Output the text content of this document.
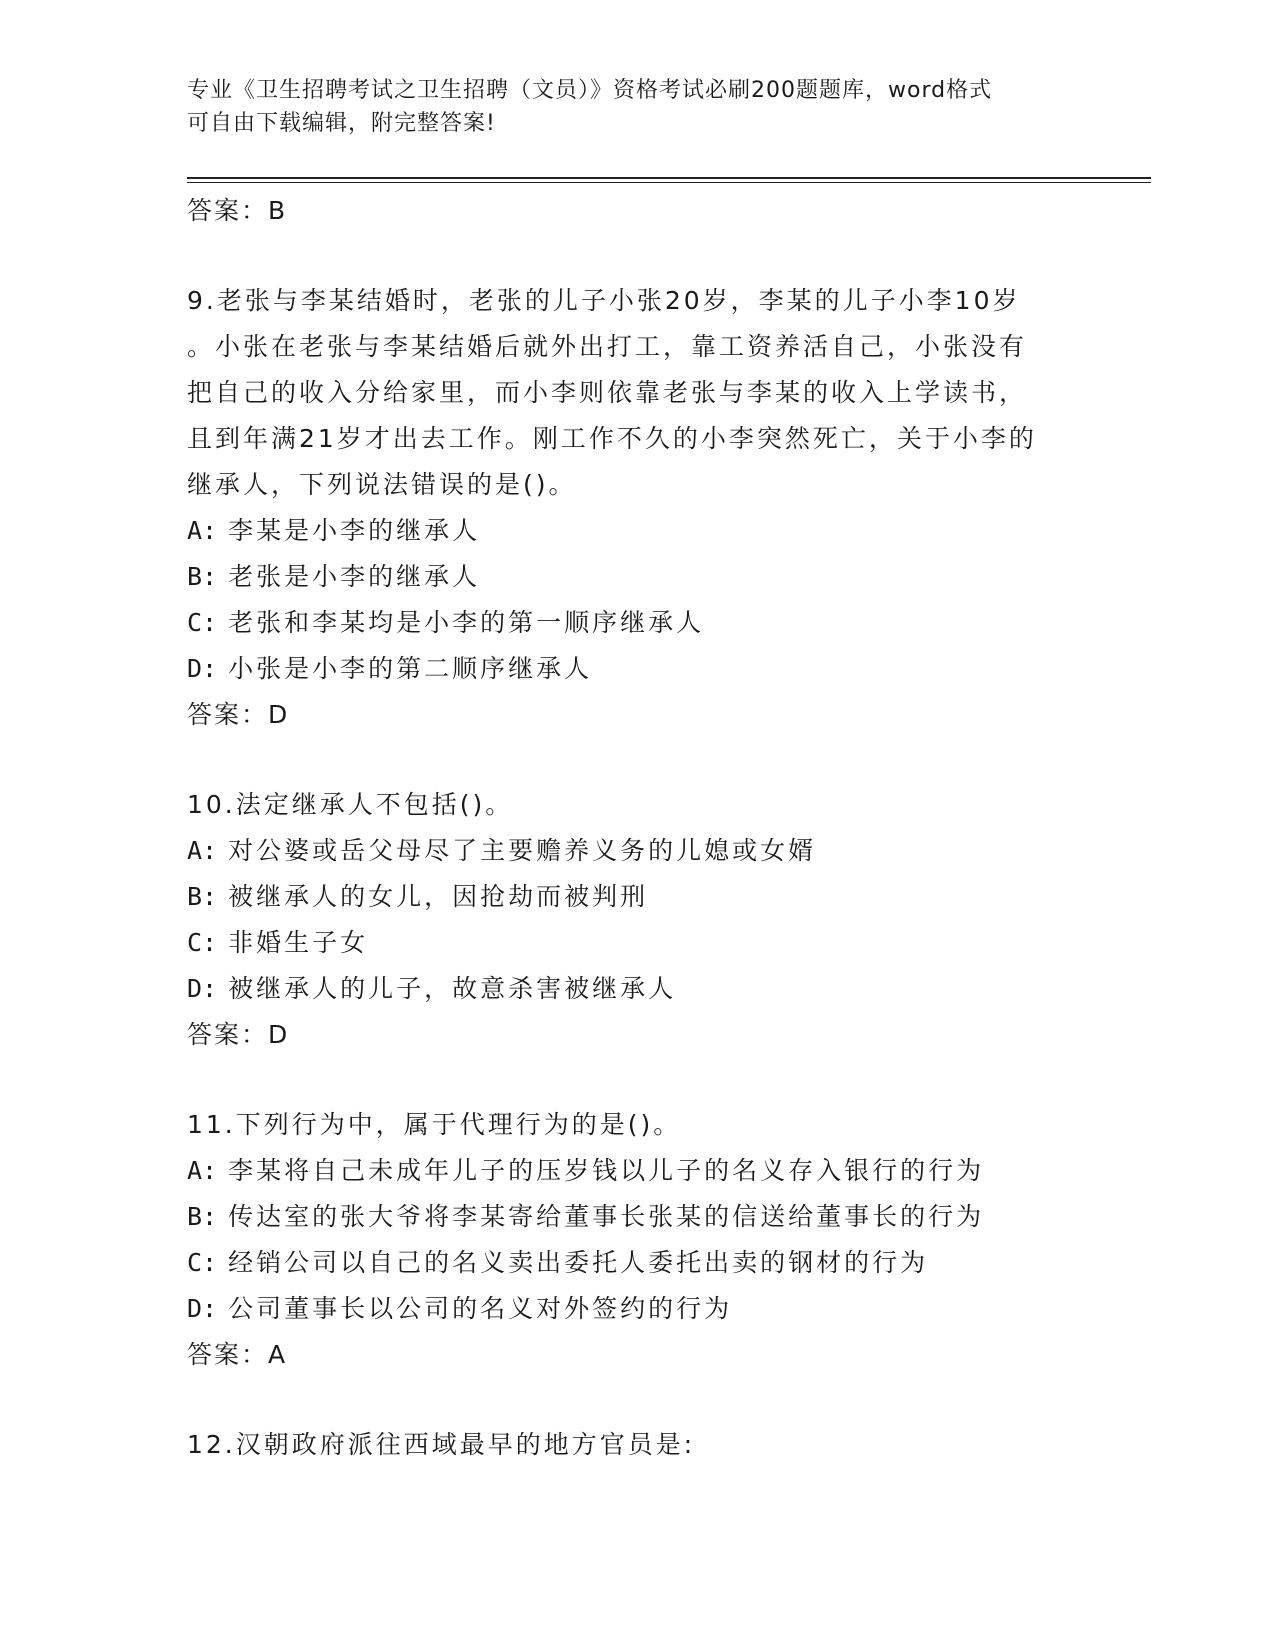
专业《卫生招聘考试之卫生招聘（文员）》资格考试必刷200题题库，word格式
可自由下载编辑，附完整答案!
答案：B
9.老张与李某结婚时，老张的儿子小张20岁，李某的儿子小李10岁
。小张在老张与李某结婚后就外出打工，靠工资养活自己，小张没有
把自己的收入分给家里，而小李则依靠老张与李某的收入上学读书，
且到年满21岁才出去工作。刚工作不久的小李突然死亡，关于小李的
继承人，下列说法错误的是()。
A: 李某是小李的继承人
B: 老张是小李的继承人
C: 老张和李某均是小李的第一顺序继承人
D: 小张是小李的第二顺序继承人
答案：D
10.法定继承人不包括()。
A: 对公婆或岳父母尽了主要赡养义务的儿媳或女婿
B: 被继承人的女儿，因抢劫而被判刑
C: 非婚生子女
D: 被继承人的儿子，故意杀害被继承人
答案：D
11.下列行为中，属于代理行为的是()。
A: 李某将自己未成年儿子的压岁钱以儿子的名义存入银行的行为
B: 传达室的张大爷将李某寄给董事长张某的信送给董事长的行为
C: 经销公司以自己的名义卖出委托人委托出卖的钢材的行为
D: 公司董事长以公司的名义对外签约的行为
答案：A
12.汉朝政府派往西域最早的地方官员是:
